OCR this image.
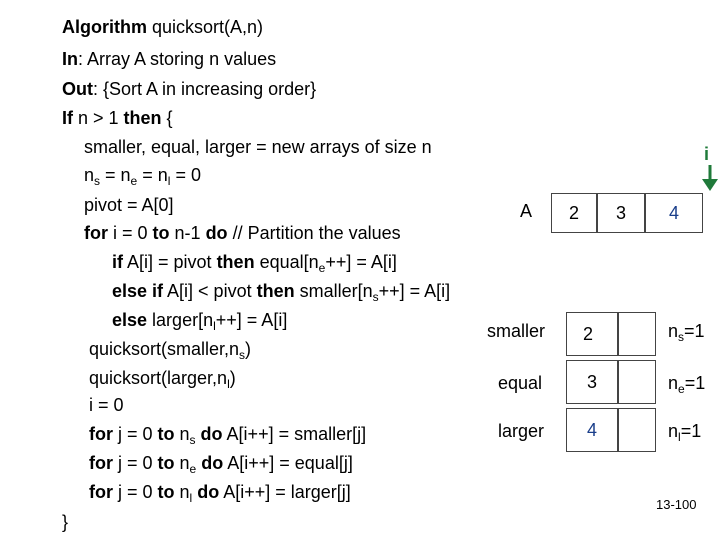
Algorithm quicksort(A,n)
In: Array A storing n values
Out: {Sort A in increasing order}
If n > 1 then {
smaller, equal, larger = new arrays of size n
$n_s = n_e = n_l = 0$
pivot = A[0]
for i = 0 to n-1 do // Partition the values
if A[i] = pivot then $equal[n_e++] = A[i]$
else if A[i] < pivot then $smaller[n_s++] = A[i]$
else $larger[n_l++] = A[i]$
$quicksort(smaller,n_s)$
$quicksort(larger,n_l)$
i = 0
for j = 0 to $n_s$ do A[i++] = smaller[j]
for j = 0 to $n_e$ do A[i++] = equal[j]
for j = 0 to $n_l$ do A[i++] = larger[j]
}
i
A 2 3 4
smaller 2	$n_s=1$
equal 3	$n_e=1$
larger 4	$n_l=1$
13-100
